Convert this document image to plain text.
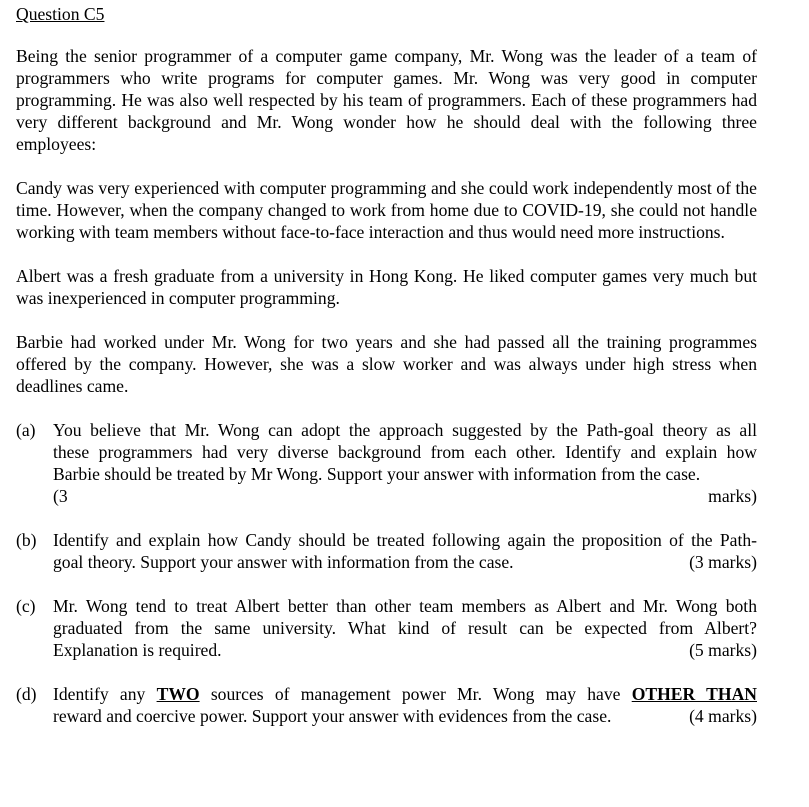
Question C5
Being the senior programmer of a computer game company, Mr. Wong was the leader of a team of programmers who write programs for computer games. Mr. Wong was very good in computer programming. He was also well respected by his team of programmers. Each of these programmers had very different background and Mr. Wong wonder how he should deal with the following three employees:
Candy was very experienced with computer programming and she could work independently most of the time. However, when the company changed to work from home due to COVID-19, she could not handle working with team members without face-to-face interaction and thus would need more instructions.
Albert was a fresh graduate from a university in Hong Kong. He liked computer games very much but was inexperienced in computer programming.
Barbie had worked under Mr. Wong for two years and she had passed all the training programmes offered by the company. However, she was a slow worker and was always under high stress when deadlines came.
(a) You believe that Mr. Wong can adopt the approach suggested by the Path-goal theory as all
these programmers had very diverse background from each other. Identify and explain how
Barbie should be treated by Mr Wong. Support your answer with information from the case.
(3 marks)
(b) Identify and explain how Candy should be treated following again the proposition of the Path-
goal theory. Support your answer with information from the case.	(3 marks)
(c) Mr. Wong tend to treat Albert better than other team members as Albert and Mr. Wong both
graduated from the same university. What kind of result can be expected from Albert?
Explanation is required.	(5 marks)
(d) Identify any TWO sources of management power Mr. Wong may have OTHER THAN
reward and coercive power. Support your answer with evidences from the case.	(4 marks)
